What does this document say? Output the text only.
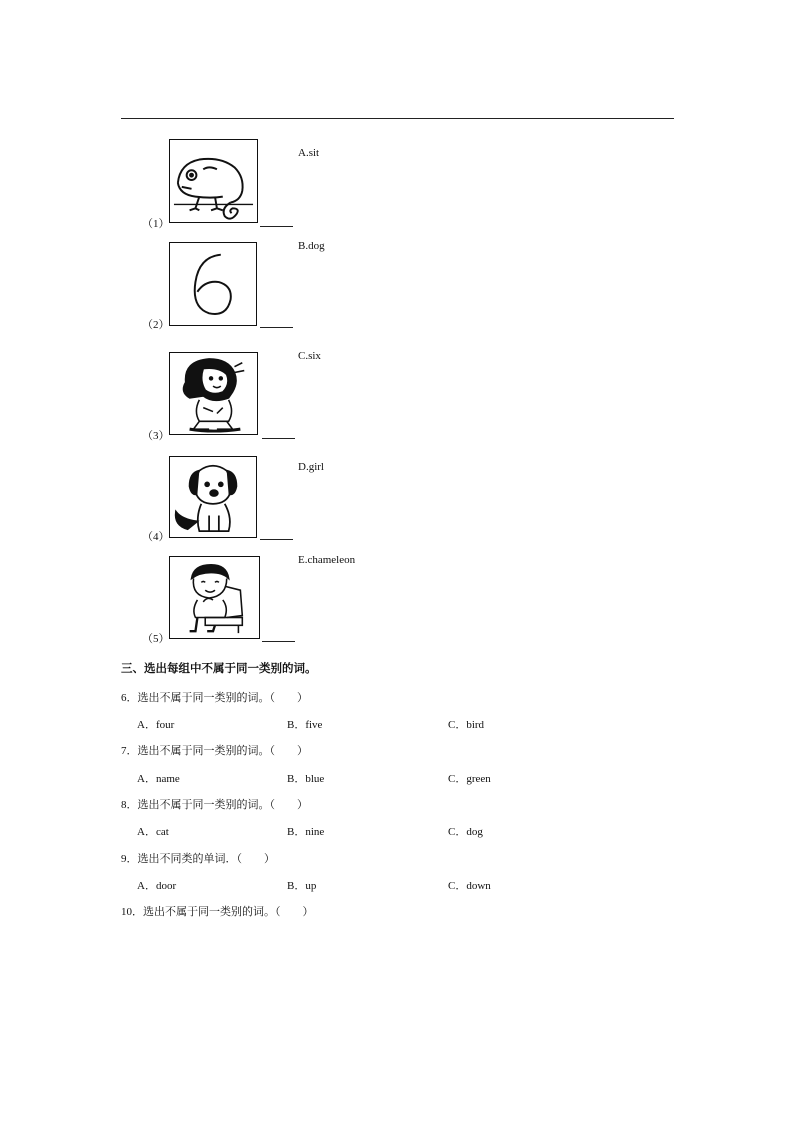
（1）
A.sit
（2）
B.dog
（3）
C.six
（4）
D.girl
（5）
E.chameleon
三、选出每组中不属于同一类别的词。
6．选出不属于同一类别的词。（　　）
A．four	B．five	C．bird
7．选出不属于同一类别的词。（　　）
A．name	B．blue	C．green
8．选出不属于同一类别的词。（　　）
A．cat	B．nine	C．dog
9．选出不同类的单词．（　　）
A．door	B．up	C．down
10．选出不属于同一类别的词。（　　）
